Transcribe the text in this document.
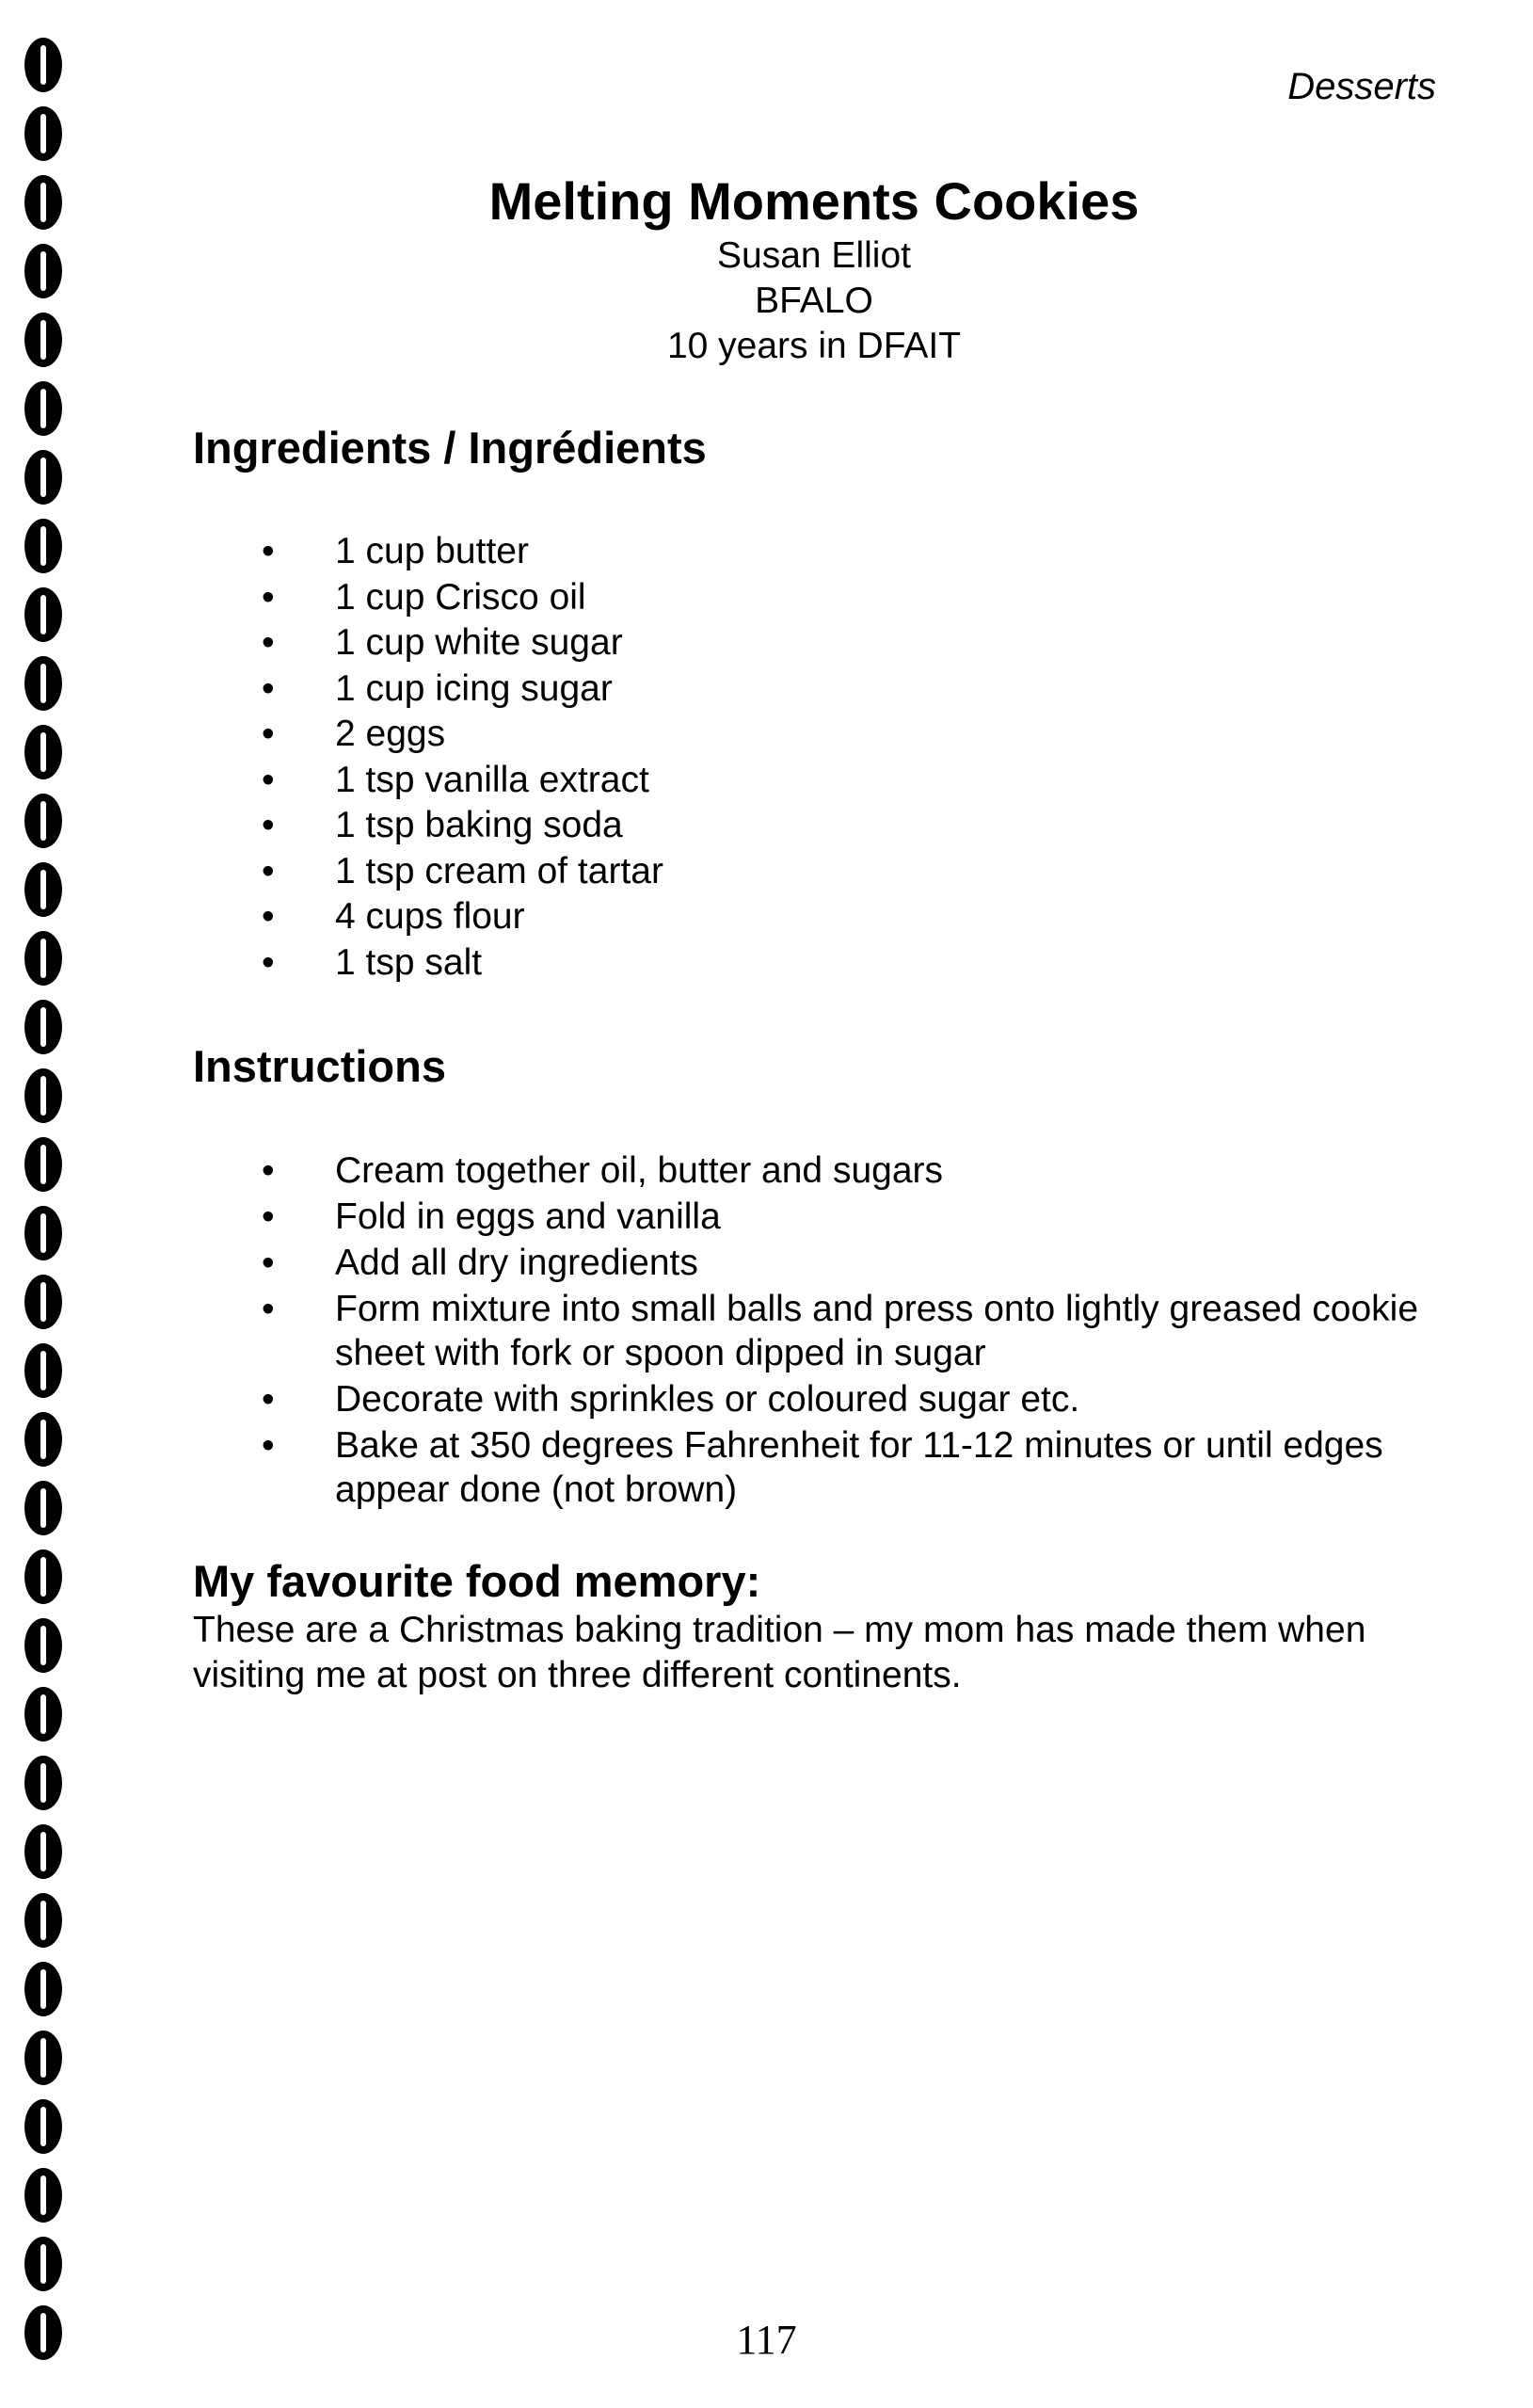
Desserts
Melting Moments Cookies
Susan Elliot
BFALO
10 years in DFAIT
Ingredients / Ingrédients
• 1 cup butter
• 1 cup Crisco oil
• 1 cup white sugar
• 1 cup icing sugar
• 2 eggs
• 1 tsp vanilla extract
• 1 tsp baking soda
• 1 tsp cream of tartar
• 4 cups flour
• 1 tsp salt
Instructions
• Cream together oil, butter and sugars
• Fold in eggs and vanilla
• Add all dry ingredients
• Form mixture into small balls and press onto lightly greased cookie sheet with fork or spoon dipped in sugar
• Decorate with sprinkles or coloured sugar etc.
• Bake at 350 degrees Fahrenheit for 11-12 minutes or until edges appear done (not brown)
My favourite food memory:
These are a Christmas baking tradition – my mom has made them when visiting me at post on three different continents.
117
